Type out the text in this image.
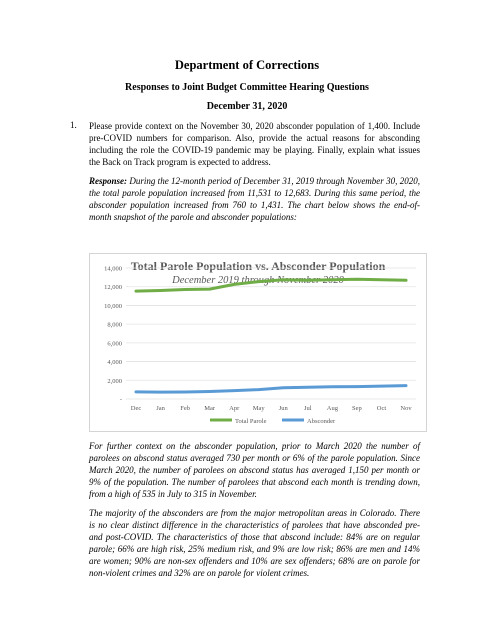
Department of Corrections
Responses to Joint Budget Committee Hearing Questions
December 31, 2020
1. Please provide context on the November 30, 2020 absconder population of 1,400. Include pre-COVID numbers for comparison. Also, provide the actual reasons for absconding including the role the COVID-19 pandemic may be playing. Finally, explain what issues the Back on Track program is expected to address.
Response: During the 12-month period of December 31, 2019 through November 30, 2020, the total parole population increased from 11,531 to 12,683. During this same period, the absconder population increased from 760 to 1,431. The chart below shows the end-of-month snapshot of the parole and absconder populations:
Total Parole Population vs. Absconder Population
December 2019 through November 2020
-
2,000
4,000
6,000
8,000
10,000
12,000
14,000
Dec Jan Feb Mar Apr May Jun Jul Aug Sep Oct Nov
Total Parole	Absconder
For further context on the absconder population, prior to March 2020 the number of parolees on abscond status averaged 730 per month or 6% of the parole population. Since March 2020, the number of parolees on abscond status has averaged 1,150 per month or 9% of the population. The number of parolees that abscond each month is trending down, from a high of 535 in July to 315 in November.
The majority of the absconders are from the major metropolitan areas in Colorado. There is no clear distinct difference in the characteristics of parolees that have absconded pre- and post-COVID. The characteristics of those that abscond include: 84% are on regular parole; 66% are high risk, 25% medium risk, and 9% are low risk; 86% are men and 14% are women; 90% are non-sex offenders and 10% are sex offenders; 68% are on parole for non-violent crimes and 32% are on parole for violent crimes.
